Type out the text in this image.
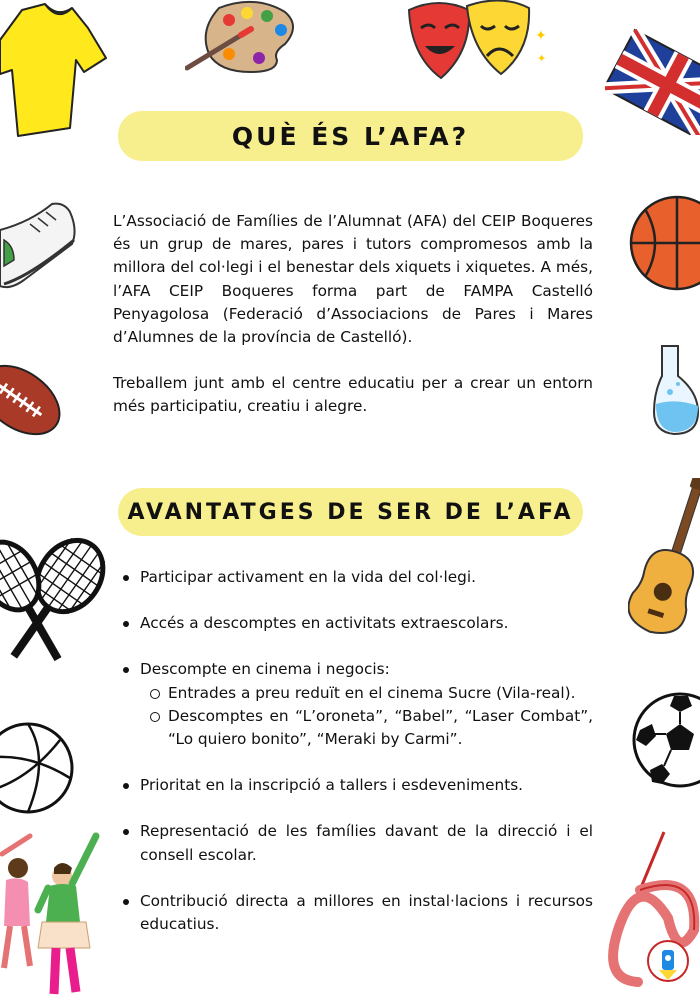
✦
✦
QUÈ ÉS L’AFA?

L’Associació de Famílies de l’Alumnat (AFA) del CEIP Boqueres és un grup de mares, pares i tutors compromesos amb la millora del col·legi i el benestar dels xiquets i xiquetes. A més, l’AFA CEIP Boqueres forma part de FAMPA Castelló Penyagolosa (Federació d’Associacions de Pares i Mares d’Alumnes de la província de Castelló).

Treballem junt amb el centre educatiu per a crear un entorn més participatiu, creatiu i alegre.

AVANTATGES DE SER DE L’AFA
Participar activament en la vida del col·legi.
Accés a descomptes en activitats extraescolars.
Descompte en cinema i negocis:
Entrades a preu reduït en el cinema Sucre (Vila-real).
Descomptes en “L’oroneta”, “Babel”, “Laser Combat”, “Lo quiero bonito”, “Meraki by Carmi”.
Prioritat en la inscripció a tallers i esdeveniments.
Representació de les famílies davant de la direcció i el consell escolar.
Contribució directa a millores en instal·lacions i recursos educatius.
